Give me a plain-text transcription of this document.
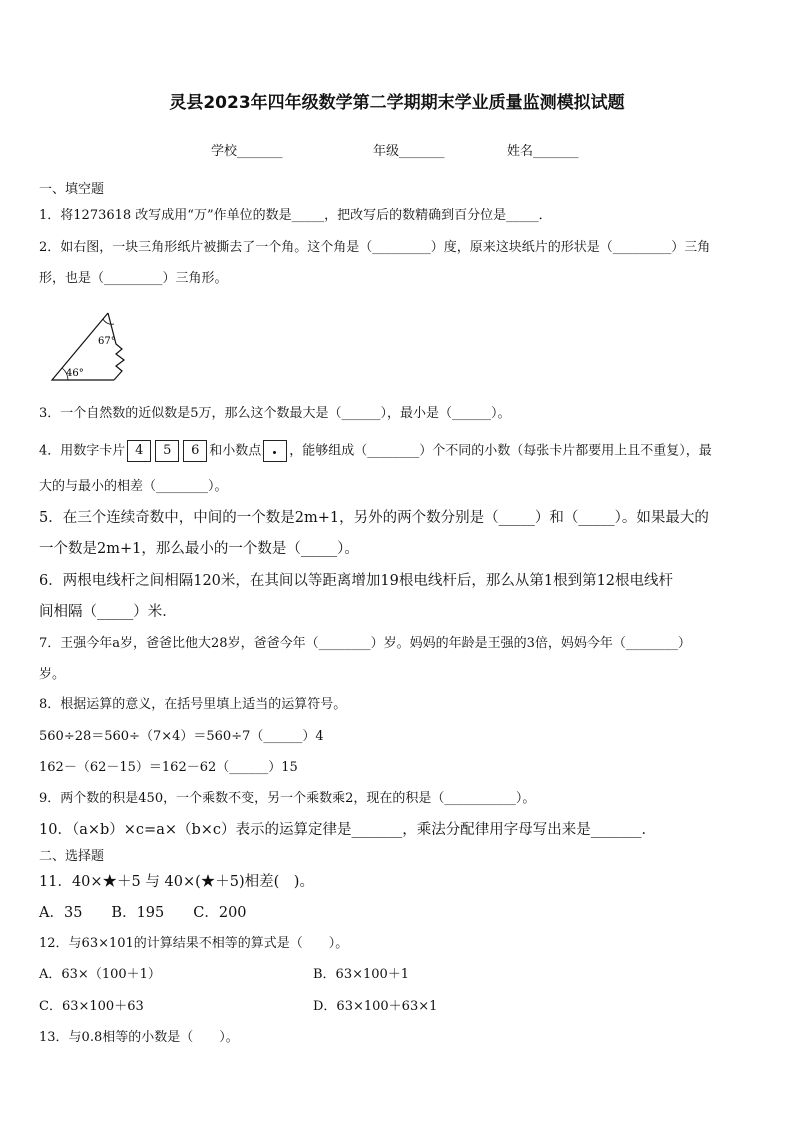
灵县2023年四年级数学第二学期期末学业质量监测模拟试题
学校_______	年级_______	姓名_______
一、填空题
1．将1273618 改写成用“万”作单位的数是_____，把改写后的数精确到百分位是_____．
2．如右图，一块三角形纸片被撕去了一个角。这个角是（_________）度，原来这块纸片的形状是（_________）三角
形，也是（_________）三角形。
67°
46°
3．一个自然数的近似数是5万，那么这个数最大是（______），最小是（______）。
4．用数字卡片 4 5 6 和小数点 ，能够组成（________）个不同的小数（每张卡片都要用上且不重复），最
大的与最小的相差（________）。
5．在三个连续奇数中，中间的一个数是2m+1，另外的两个数分别是（_____）和（_____）。如果最大的
一个数是2m+1，那么最小的一个数是（_____）。
6．两根电线杆之间相隔120米，在其间以等距离增加19根电线杆后，那么从第1根到第12根电线杆
间相隔（_____）米．
7．王强今年a岁，爸爸比他大28岁，爸爸今年（________）岁。妈妈的年龄是王强的3倍，妈妈今年（________）
岁。
8．根据运算的意义，在括号里填上适当的运算符号。
560÷28＝560÷（7×4）＝560÷7（______）4
162－（62－15）＝162－62（______）15
9．两个数的积是450，一个乘数不变，另一个乘数乘2，现在的积是（___________）。
10．（a×b）×c=a×（b×c）表示的运算定律是_______，乘法分配律用字母写出来是_______．
二、选择题
11．40×★＋5 与 40×(★＋5)相差(　)。
A．35　　B．195　　C．200
12．与63×101的计算结果不相等的算式是（　　）。
A．63×（100＋1）	B．63×100＋1
C．63×100＋63	D．63×100＋63×1
13．与0.8相等的小数是（　　）。
